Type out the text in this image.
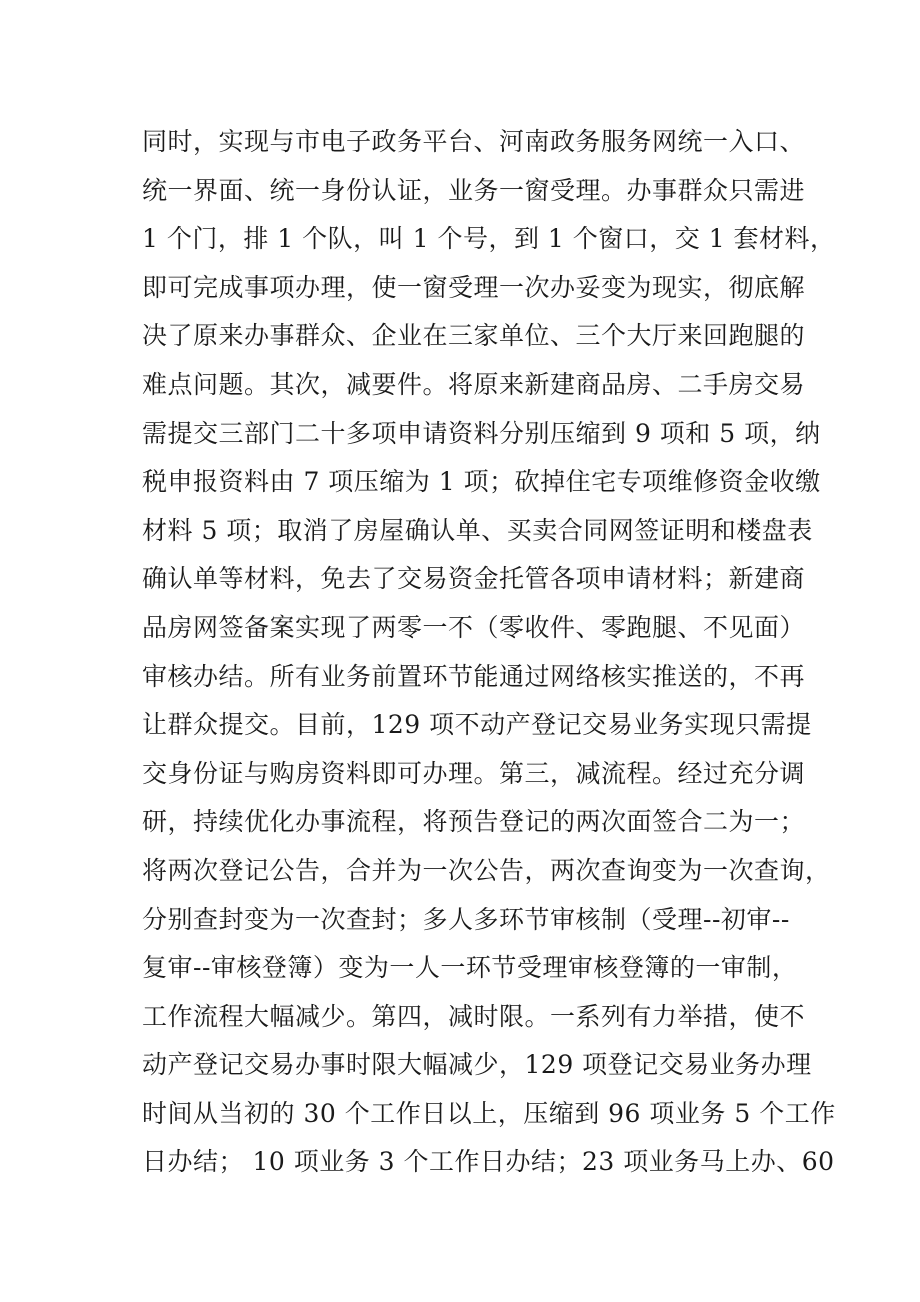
同时，实现与市电子政务平台、河南政务服务网统一入口、
统一界面、统一身份认证，业务一窗受理。办事群众只需进
1 个门，排 1 个队，叫 1 个号，到 1 个窗口，交 1 套材料，
即可完成事项办理，使一窗受理一次办妥变为现实，彻底解
决了原来办事群众、企业在三家单位、三个大厅来回跑腿的
难点问题。其次，减要件。将原来新建商品房、二手房交易
需提交三部门二十多项申请资料分别压缩到 9 项和 5 项，纳
税申报资料由 7 项压缩为 1 项；砍掉住宅专项维修资金收缴
材料 5 项；取消了房屋确认单、买卖合同网签证明和楼盘表
确认单等材料，免去了交易资金托管各项申请材料；新建商
品房网签备案实现了两零一不（零收件、零跑腿、不见面）
审核办结。所有业务前置环节能通过网络核实推送的，不再
让群众提交。目前，129 项不动产登记交易业务实现只需提
交身份证与购房资料即可办理。第三，减流程。经过充分调
研，持续优化办事流程，将预告登记的两次面签合二为一；
将两次登记公告，合并为一次公告，两次查询变为一次查询，
分别查封变为一次查封；多人多环节审核制（受理--初审--
复审--审核登簿）变为一人一环节受理审核登簿的一审制，
工作流程大幅减少。第四，减时限。一系列有力举措，使不
动产登记交易办事时限大幅减少，129 项登记交易业务办理
时间从当初的 30 个工作日以上，压缩到 96 项业务 5 个工作
日办结； 10 项业务 3 个工作日办结；23 项业务马上办、60
